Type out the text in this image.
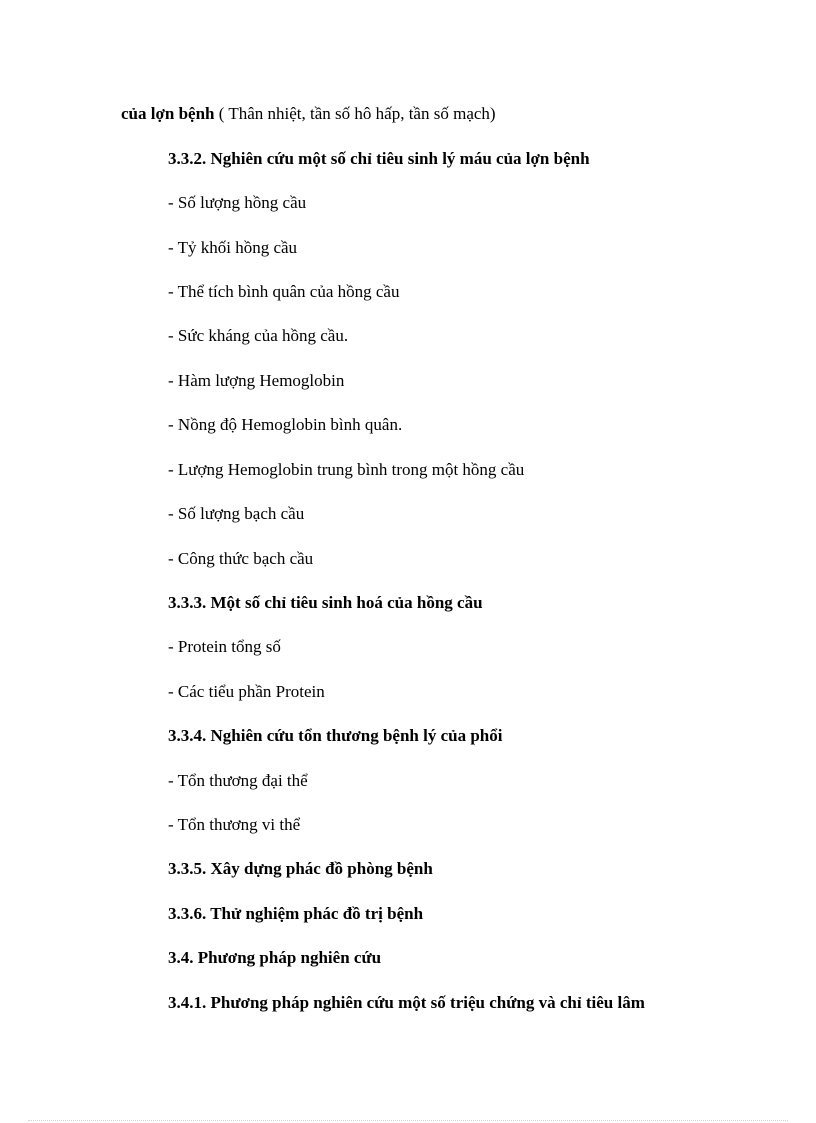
của lợn bệnh ( Thân nhiệt, tần số hô hấp, tần số mạch)
3.3.2. Nghiên cứu một số chỉ tiêu sinh lý máu của lợn bệnh
- Số lượng hồng cầu
- Tỷ khối hồng cầu
- Thể tích bình quân của hồng cầu
- Sức kháng của hồng cầu.
- Hàm lượng Hemoglobin
- Nồng độ Hemoglobin bình quân.
- Lượng Hemoglobin trung bình trong một hồng cầu
- Số lượng bạch cầu
- Công thức bạch cầu
3.3.3. Một số chỉ tiêu sinh hoá của hồng cầu
- Protein tổng số
- Các tiểu phần Protein
3.3.4. Nghiên cứu tổn thương bệnh lý của phổi
- Tổn thương đại thể
- Tổn thương vi thể
3.3.5. Xây dựng phác đồ phòng bệnh
3.3.6. Thử nghiệm phác đồ trị bệnh
3.4. Phương pháp nghiên cứu
3.4.1. Phương pháp nghiên cứu một số triệu chứng và chỉ tiêu lâm
